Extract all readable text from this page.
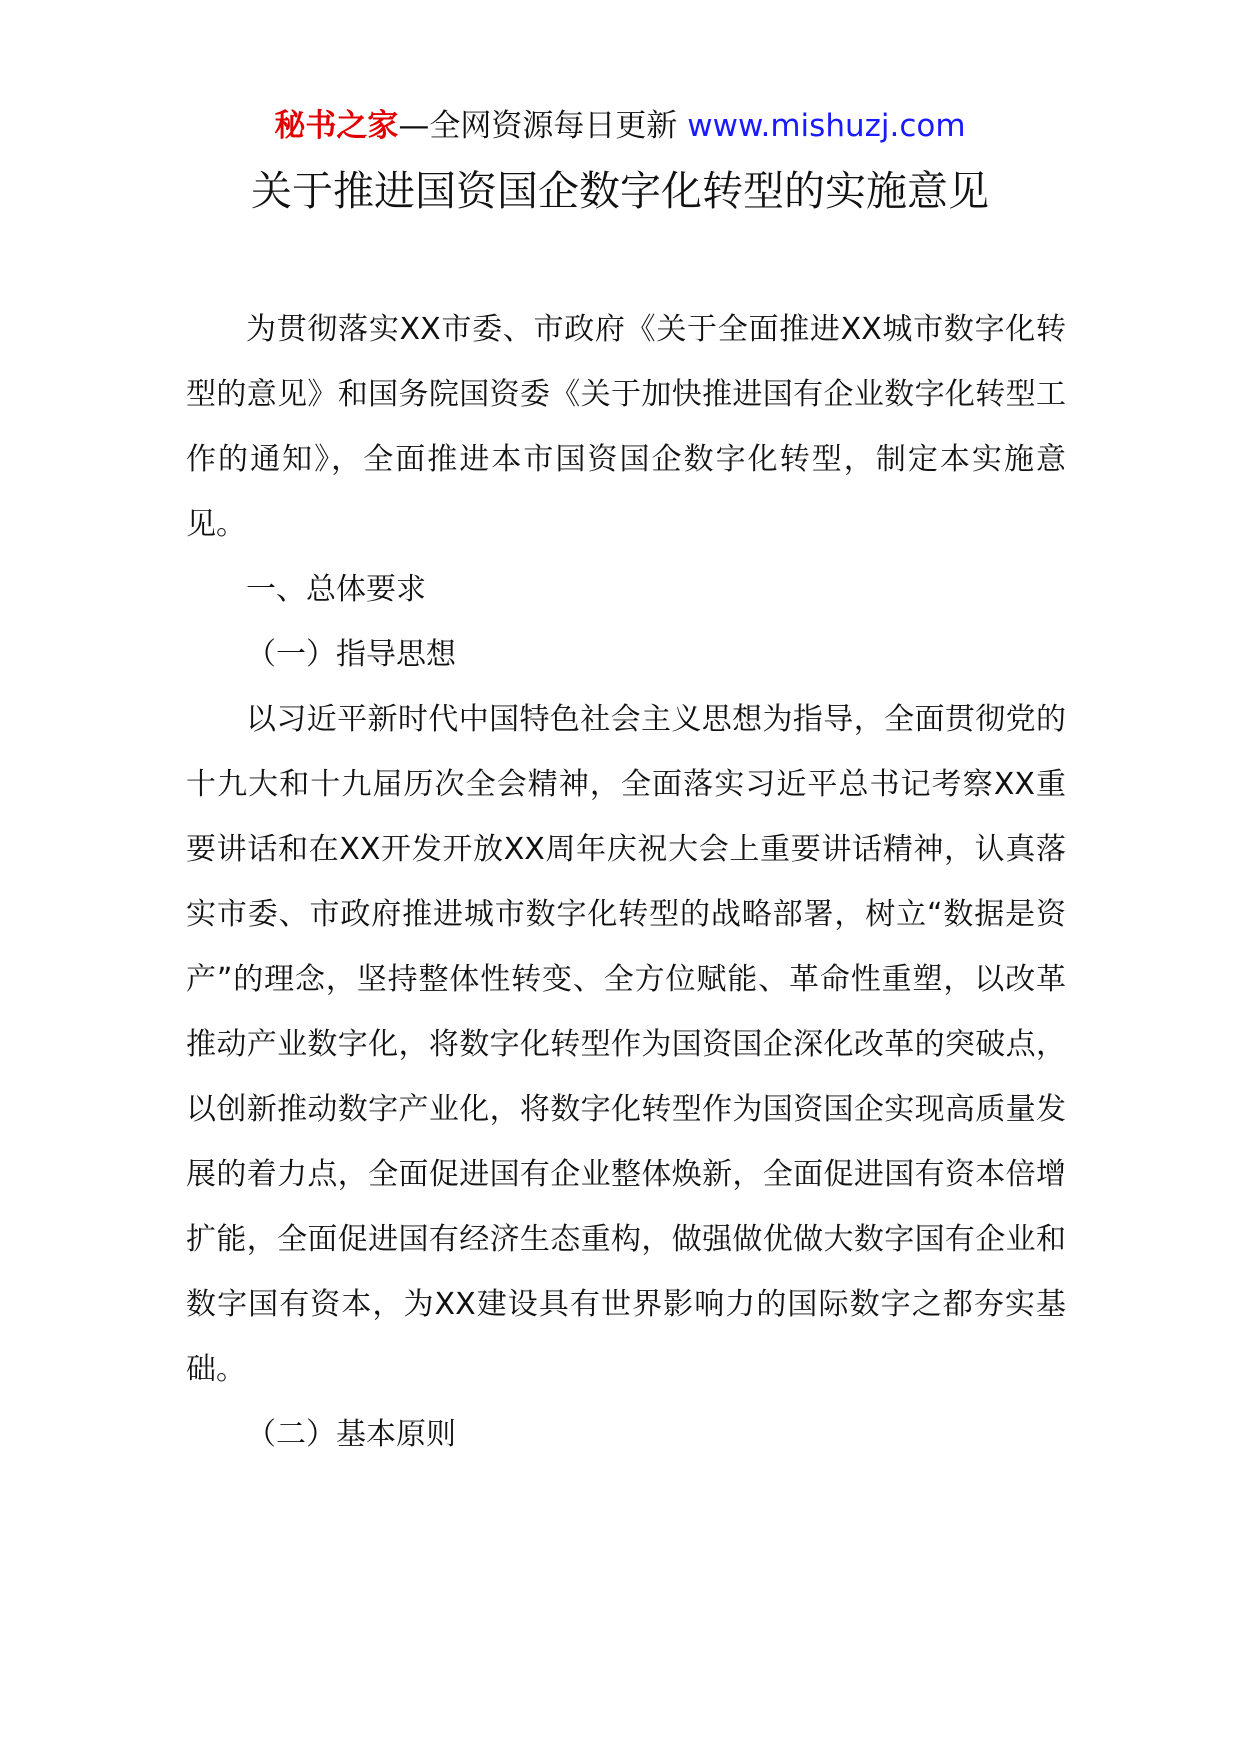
秘书之家—全网资源每日更新 www.mishuzj.com
关于推进国资国企数字化转型的实施意见

为贯彻落实XX市委、市政府《关于全面推进XX城市数字化转型的意见》和国务院国资委《关于加快推进国有企业数字化转型工作的通知》，全面推进本市国资国企数字化转型，制定本实施意见。

一、总体要求

（一）指导思想

以习近平新时代中国特色社会主义思想为指导，全面贯彻党的十九大和十九届历次全会精神，全面落实习近平总书记考察XX重要讲话和在XX开发开放XX周年庆祝大会上重要讲话精神，认真落实市委、市政府推进城市数字化转型的战略部署，树立“数据是资产”的理念，坚持整体性转变、全方位赋能、革命性重塑，以改革推动产业数字化，将数字化转型作为国资国企深化改革的突破点，以创新推动数字产业化，将数字化转型作为国资国企实现高质量发展的着力点，全面促进国有企业整体焕新，全面促进国有资本倍增扩能，全面促进国有经济生态重构，做强做优做大数字国有企业和数字国有资本，为XX建设具有世界影响力的国际数字之都夯实基础。

（二）基本原则
